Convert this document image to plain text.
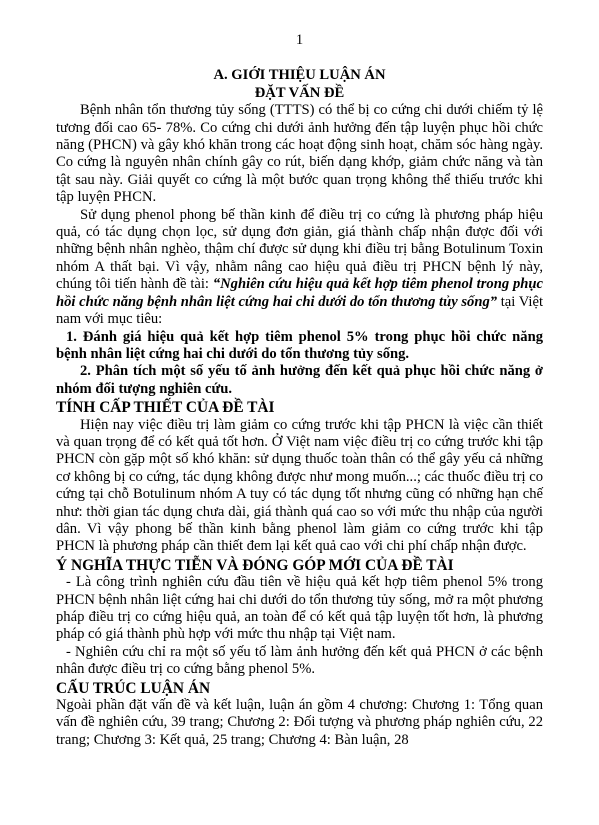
1
A. GIỚI THIỆU LUẬN ÁN
ĐẶT VẤN ĐỀ

Bệnh nhân tổn thương tủy sống (TTTS) có thể bị co cứng chi dưới chiếm tỷ lệ tương đối cao 65- 78%. Co cứng chi dưới ảnh hưởng đến tập luyện phục hồi chức năng (PHCN) và gây khó khăn trong các hoạt động sinh hoạt, chăm sóc hàng ngày. Co cứng là nguyên nhân chính gây co rút, biến dạng khớp, giảm chức năng và tàn tật sau này. Giải quyết co cứng là một bước quan trọng không thể thiếu trước khi tập luyện PHCN.

Sử dụng phenol phong bế thần kinh để điều trị co cứng là phương pháp hiệu quả, có tác dụng chọn lọc, sử dụng đơn giản, giá thành chấp nhận được đối với những bệnh nhân nghèo, thậm chí được sử dụng khi điều trị bằng Botulinum Toxin nhóm A thất bại. Vì vậy, nhằm nâng cao hiệu quả điều trị PHCN bệnh lý này, chúng tôi tiến hành đề tài: “Nghiên cứu hiệu quả kết hợp tiêm phenol trong phục hồi chức năng bệnh nhân liệt cứng hai chi dưới do tổn thương tủy sống” tại Việt nam với mục tiêu:

1. Đánh giá hiệu quả kết hợp tiêm phenol 5% trong phục hồi chức năng bệnh nhân liệt cứng hai chi dưới do tổn thương tủy sống.

2. Phân tích một số yếu tố ảnh hưởng đến kết quả phục hồi chức năng ở nhóm đối tượng nghiên cứu.

TÍNH CẤP THIẾT CỦA ĐỀ TÀI

Hiện nay việc điều trị làm giảm co cứng trước khi tập PHCN là việc cần thiết và quan trọng để có kết quả tốt hơn. Ở Việt nam việc điều trị co cứng trước khi tập PHCN còn gặp một số khó khăn: sử dụng thuốc toàn thân có thể gây yếu cả những cơ không bị co cứng, tác dụng không được như mong muốn...; các thuốc điều trị co cứng tại chỗ Botulinum nhóm A tuy có tác dụng tốt nhưng cũng có những hạn chế như: thời gian tác dụng chưa dài, giá thành quá cao so với mức thu nhập của người dân. Vì vậy phong bế thần kinh bằng phenol làm giảm co cứng trước khi tập PHCN là phương pháp cần thiết đem lại kết quả cao với chi phí chấp nhận được.

Ý NGHĨA THỰC TIỄN VÀ ĐÓNG GÓP MỚI CỦA ĐỀ TÀI

- Là công trình nghiên cứu đầu tiên về hiệu quả kết hợp tiêm phenol 5% trong PHCN bệnh nhân liệt cứng hai chi dưới do tổn thương tủy sống, mở ra một phương pháp điều trị co cứng hiệu quả, an toàn để có kết quả tập luyện tốt hơn, là phương pháp có giá thành phù hợp với mức thu nhập tại Việt nam.

- Nghiên cứu chỉ ra một số yếu tố làm ảnh hưởng đến kết quả PHCN ở các bệnh nhân được điều trị co cứng bằng phenol 5%.

CẤU TRÚC LUẬN ÁN

Ngoài phần đặt vấn đề và kết luận, luận án gồm 4 chương: Chương 1: Tổng quan vấn đề nghiên cứu, 39 trang; Chương 2: Đối tượng và phương pháp nghiên cứu, 22 trang; Chương 3: Kết quả, 25 trang; Chương 4: Bàn luận, 28
